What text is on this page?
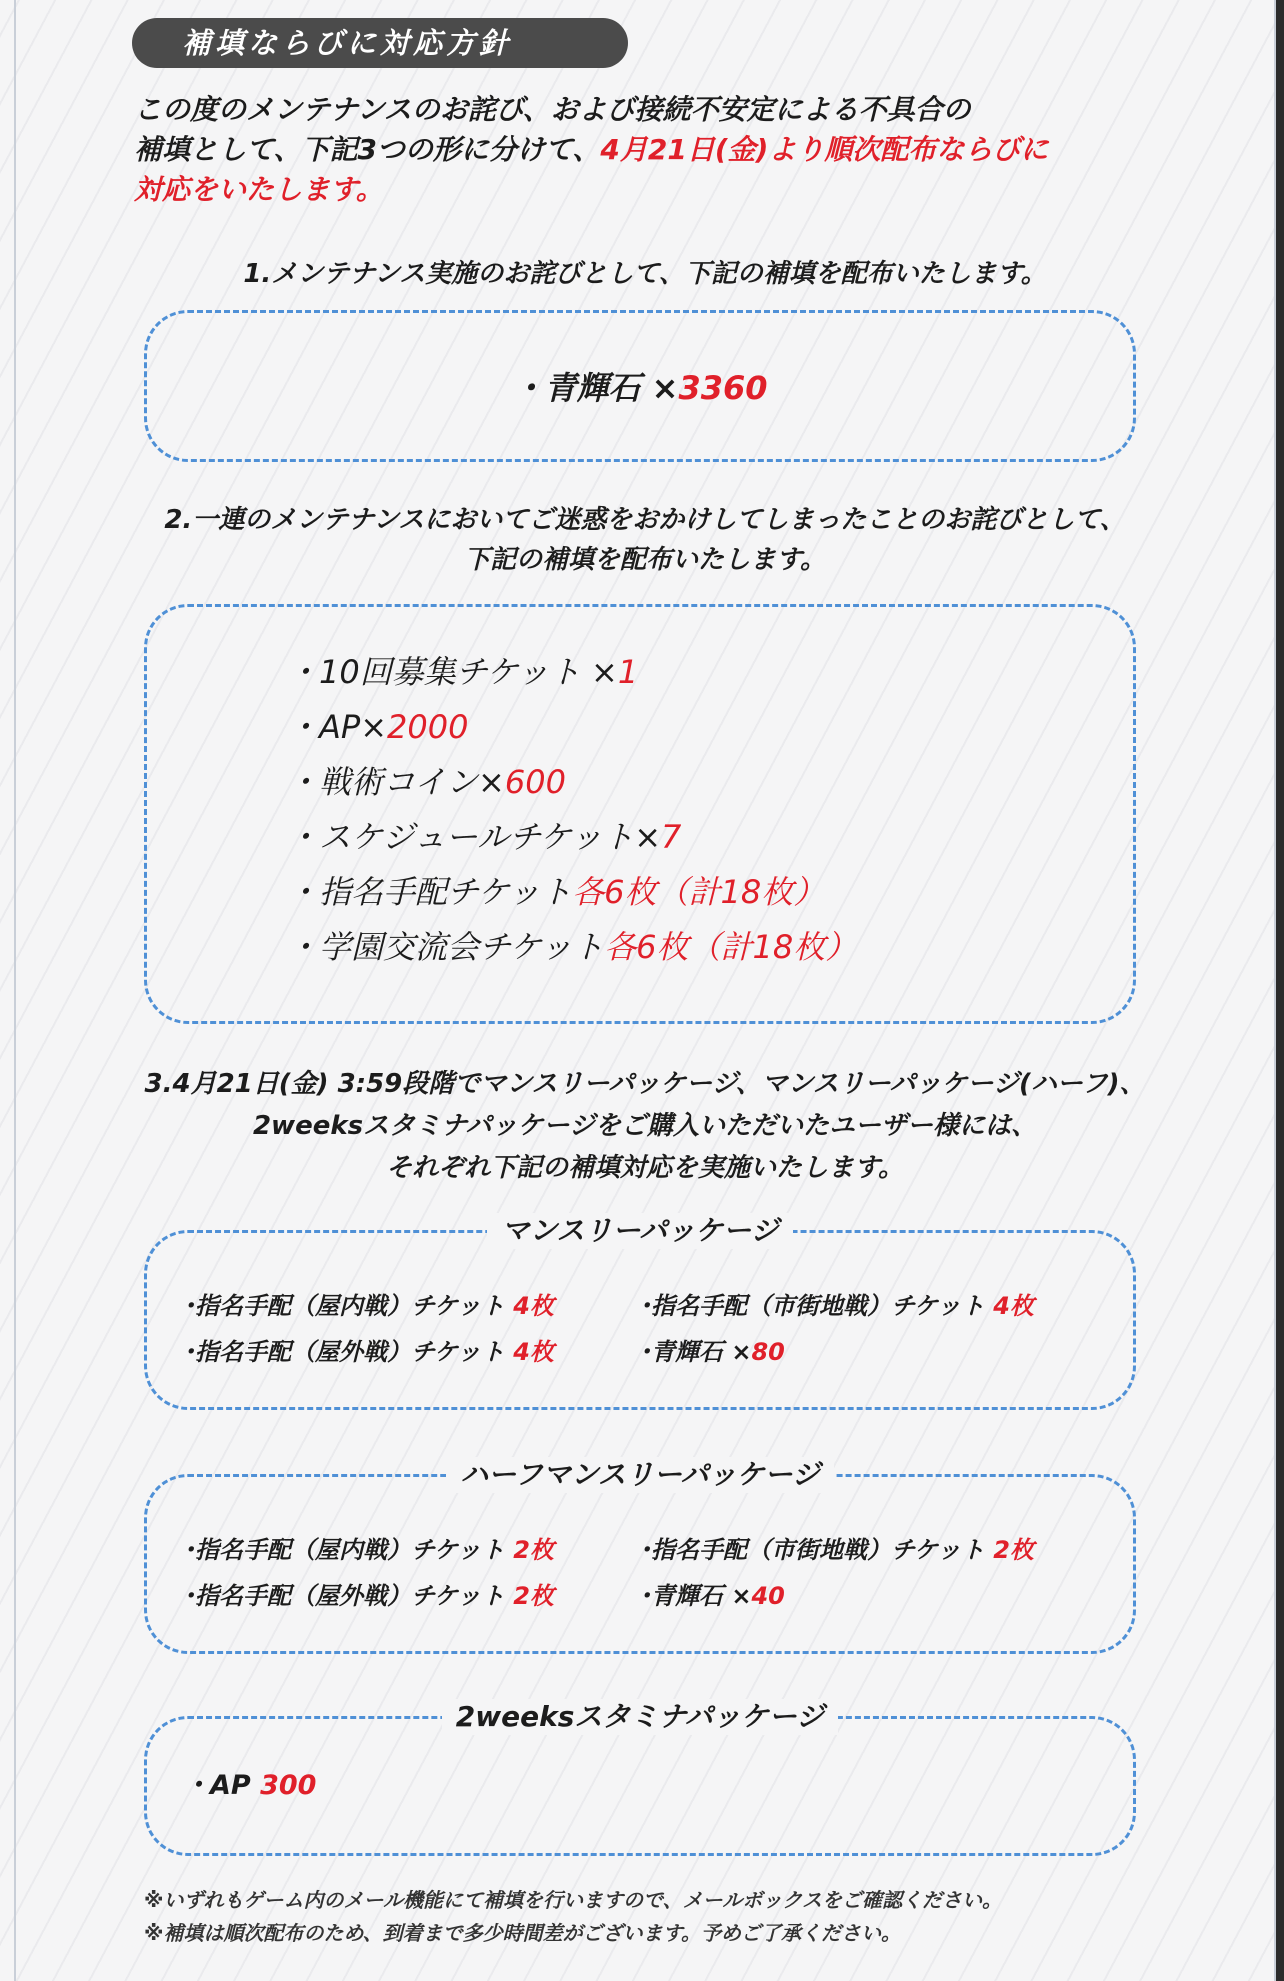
補填ならびに対応方針
この度のメンテナンスのお詫び、および接続不安定による不具合の
補填として、下記3つの形に分けて、4月21日(金)より順次配布ならびに
対応をいたします。
1.メンテナンス実施のお詫びとして、下記の補填を配布いたします。
・青輝石 ×3360
2.一連のメンテナンスにおいてご迷惑をおかけしてしまったことのお詫びとして、
下記の補填を配布いたします。
・10回募集チケット ×1
・AP×2000
・戦術コイン×600
・スケジュールチケット×7
・指名手配チケット各6枚（計18枚）
・学園交流会チケット各6枚（計18枚）
3.4月21日(金) 3:59段階でマンスリーパッケージ、マンスリーパッケージ(ハーフ)、
2weeksスタミナパッケージをご購入いただいたユーザー様には、
それぞれ下記の補填対応を実施いたします。
マンスリーパッケージ
･指名手配（屋内戦）チケット 4枚	･指名手配（市街地戦）チケット 4枚
･指名手配（屋外戦）チケット 4枚	･青輝石 ×80
ハーフマンスリーパッケージ
･指名手配（屋内戦）チケット 2枚	･指名手配（市街地戦）チケット 2枚
･指名手配（屋外戦）チケット 2枚	･青輝石 ×40
2weeksスタミナパッケージ
・AP 300
※いずれもゲーム内のメール機能にて補填を行いますので、メールボックスをご確認ください。
※補填は順次配布のため、到着まで多少時間差がございます。予めご了承ください。
